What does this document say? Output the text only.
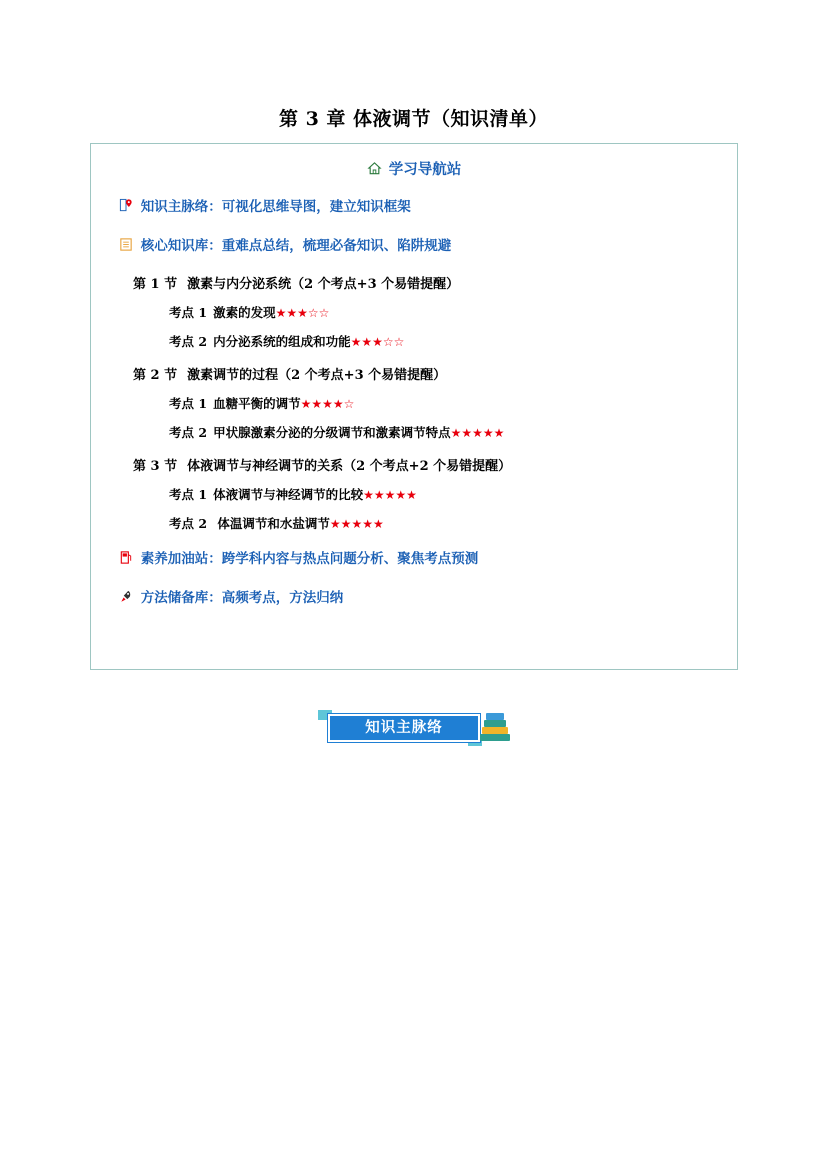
第 3 章 体液调节（知识清单）
学习导航站
知识主脉络：可视化思维导图，建立知识框架
核心知识库：重难点总结，梳理必备知识、陷阱规避
第 1 节 激素与内分泌系统（2 个考点+3 个易错提醒）
考点 1 激素的发现★★★☆☆
考点 2 内分泌系统的组成和功能★★★☆☆
第 2 节 激素调节的过程（2 个考点+3 个易错提醒）
考点 1 血糖平衡的调节★★★★☆
考点 2 甲状腺激素分泌的分级调节和激素调节特点★★★★★
第 3 节 体液调节与神经调节的关系（2 个考点+2 个易错提醒）
考点 1 体液调节与神经调节的比较★★★★★
考点 2 体温调节和水盐调节★★★★★
素养加油站：跨学科内容与热点问题分析、聚焦考点预测
方法储备库：高频考点，方法归纳
知识主脉络
